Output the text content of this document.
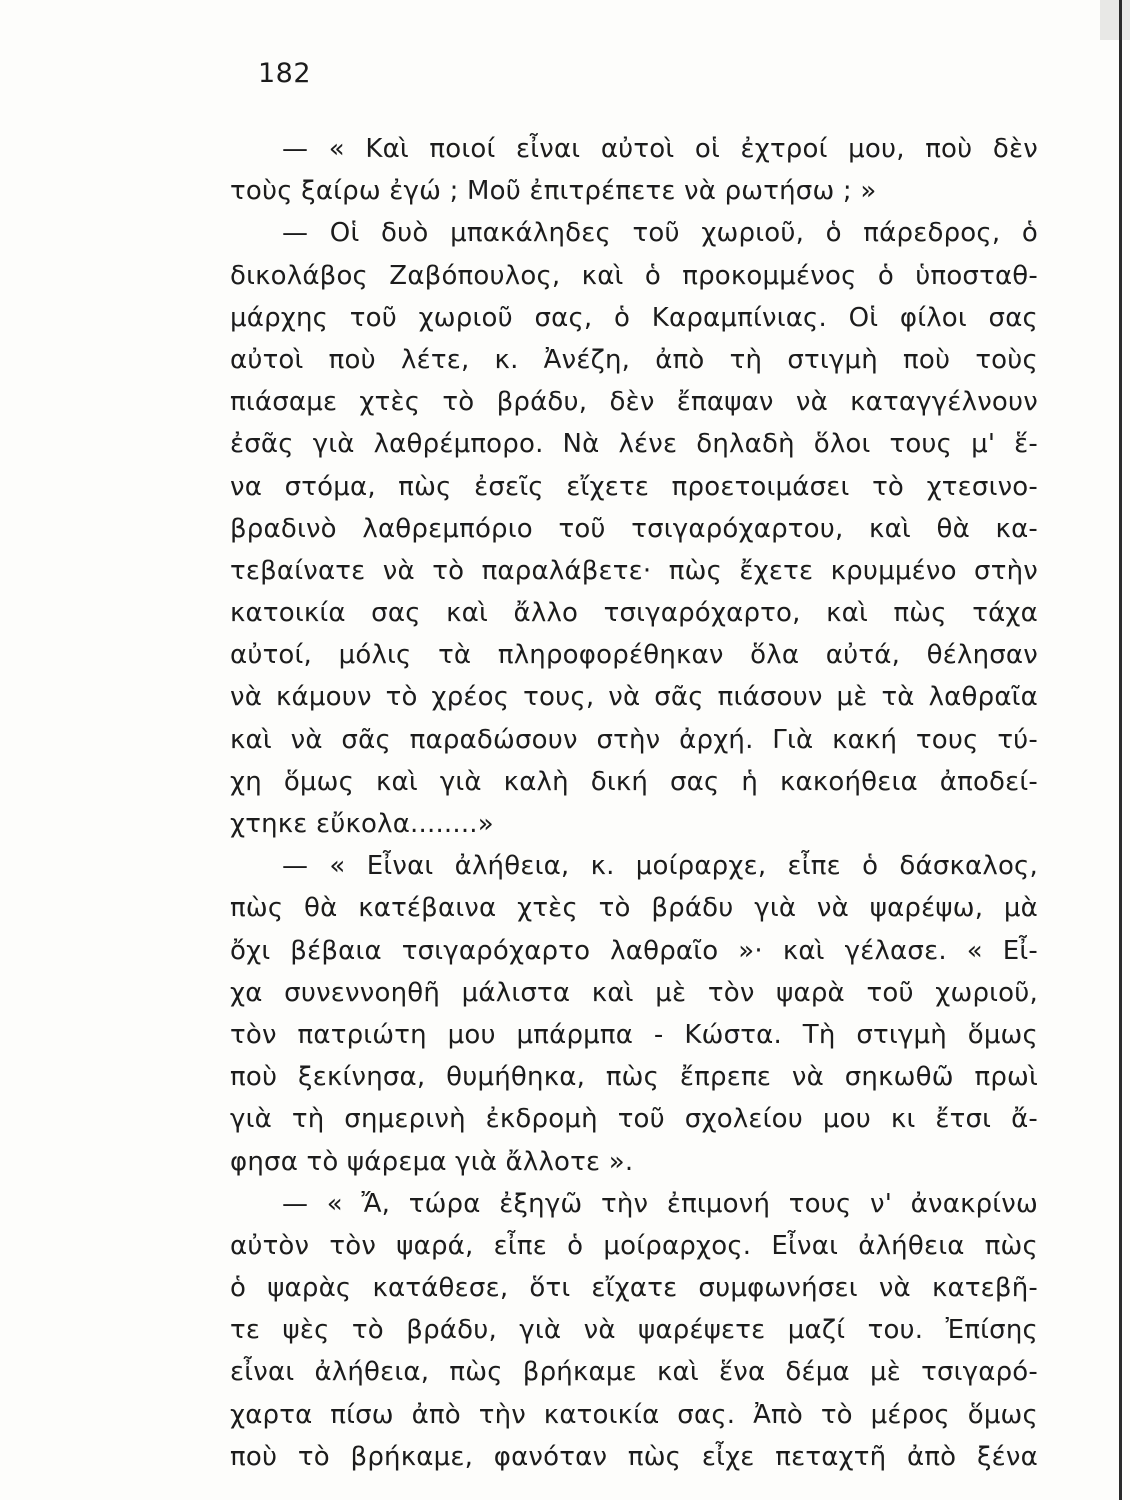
182
— « Καὶ ποιοί εἶναι αὐτοὶ οἱ ἐχτροί μου, ποὺ δὲν
τοὺς ξαίρω ἐγώ ; Μοῦ ἐπιτρέπετε νὰ ρωτήσω ; »
— Οἱ δυὸ μπακάληδες τοῦ χωριοῦ, ὁ πάρεδρος, ὁ
δικολάβος Ζαβόπουλος, καὶ ὁ προκομμένος ὁ ὑποσταθ-
μάρχης τοῦ χωριοῦ σας, ὁ Καραμπίνιας. Οἱ φίλοι σας
αὐτοὶ ποὺ λέτε, κ. Ἀνέζη, ἀπὸ τὴ στιγμὴ ποὺ τοὺς
πιάσαμε χτὲς τὸ βράδυ, δὲν ἔπαψαν νὰ καταγγέλνουν
ἐσᾶς γιὰ λαθρέμπορο. Νὰ λένε δηλαδὴ ὅλοι τους μ' ἕ-
να στόμα, πὼς ἐσεῖς εἴχετε προετοιμάσει τὸ χτεσινο-
βραδινὸ λαθρεμπόριο τοῦ τσιγαρόχαρτου, καὶ θὰ κα-
τεβαίνατε νὰ τὸ παραλάβετε· πὼς ἔχετε κρυμμένο στὴν
κατοικία σας καὶ ἄλλο τσιγαρόχαρτο, καὶ πὼς τάχα
αὐτοί, μόλις τὰ πληροφορέθηκαν ὅλα αὐτά, θέλησαν
νὰ κάμουν τὸ χρέος τους, νὰ σᾶς πιάσουν μὲ τὰ λαθραῖα
καὶ νὰ σᾶς παραδώσουν στὴν ἀρχή. Γιὰ κακή τους τύ-
χη ὅμως καὶ γιὰ καλὴ δική σας ἡ κακοήθεια ἀποδεί-
χτηκε εὔκολα........»
— « Εἶναι ἀλήθεια, κ. μοίραρχε, εἶπε ὁ δάσκαλος,
πὼς θὰ κατέβαινα χτὲς τὸ βράδυ γιὰ νὰ ψαρέψω, μὰ
ὄχι βέβαια τσιγαρόχαρτο λαθραῖο »· καὶ γέλασε. « Εἶ-
χα συνεννοηθῆ μάλιστα καὶ μὲ τὸν ψαρὰ τοῦ χωριοῦ,
τὸν πατριώτη μου μπάρμπα - Κώστα. Τὴ στιγμὴ ὅμως
ποὺ ξεκίνησα, θυμήθηκα, πὼς ἔπρεπε νὰ σηκωθῶ πρωὶ
γιὰ τὴ σημερινὴ ἐκδρομὴ τοῦ σχολείου μου κι ἔτσι ἄ-
φησα τὸ ψάρεμα γιὰ ἄλλοτε ».
— « Ἄ, τώρα ἐξηγῶ τὴν ἐπιμονή τους ν' ἀνακρίνω
αὐτὸν τὸν ψαρά, εἶπε ὁ μοίραρχος. Εἶναι ἀλήθεια πὼς
ὁ ψαρὰς κατάθεσε, ὅτι εἴχατε συμφωνήσει νὰ κατεβῆ-
τε ψὲς τὸ βράδυ, γιὰ νὰ ψαρέψετε μαζί του. Ἐπίσης
εἶναι ἀλήθεια, πὼς βρήκαμε καὶ ἕνα δέμα μὲ τσιγαρό-
χαρτα πίσω ἀπὸ τὴν κατοικία σας. Ἀπὸ τὸ μέρος ὅμως
ποὺ τὸ βρήκαμε, φανόταν πὼς εἶχε πεταχτῆ ἀπὸ ξένα
